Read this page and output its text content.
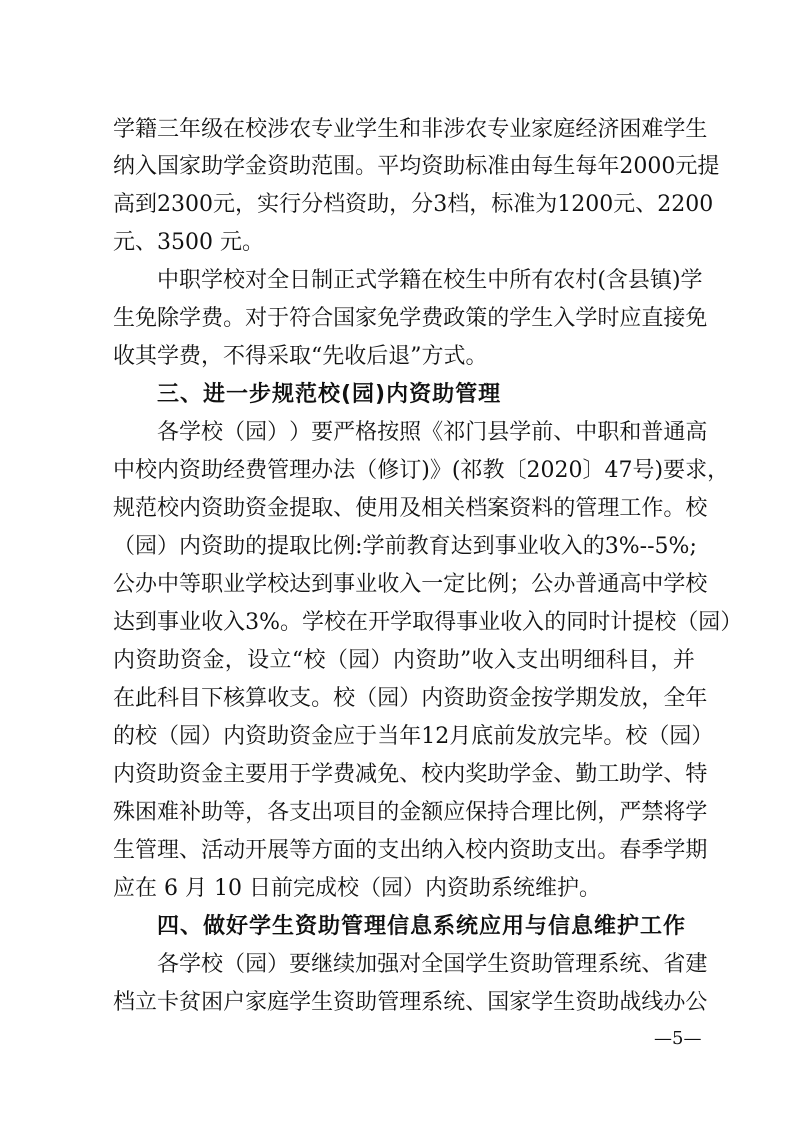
学 籍 三 年 级 在 校 涉 农 专 业 学 生 和 非 涉 农 专 业 家 庭 经 济 困 难 学 生
纳 入 国 家 助 学 金 资 助 范 围 。 平 均 资 助 标 准 由 每 生 每 年 2 0 0 0 元 提
高 到 2 3 0 0 元 ， 实 行 分 档 资 助 ， 分 3 档 ， 标 准 为 1 2 0 0 元 、 2 2 0 0
元、3500 元。
中 职 学 校 对 全 日 制 正 式 学 籍 在 校 生 中 所 有 农 村 ( 含 县 镇 ) 学
生 免 除 学 费 。 对 于 符 合 国 家 免 学 费 政 策 的 学 生 入 学 时 应 直 接 免
收其学费，不得采取“先收后退”方式。
三、进一步规范校(园)内资助管理
各 学 校 （ 园 ） ） 要 严 格 按 照 《 祁 门 县 学 前 、 中 职 和 普 通 高
中 校 内 资 助 经 费 管 理 办 法 （ 修 订 ) 》 ( 祁 教 〔 2 0 2 0 〕 4 7 号 ) 要 求 ，
规 范 校 内 资 助 资 金 提 取 、 使 用 及 相 关 档 案 资 料 的 管 理 工 作 。 校
（ 园 ） 内 资 助 的 提 取 比 例 : 学 前 教 育 达 到 事 业 收 入 的 3 % - - 5 % ;
公 办 中 等 职 业 学 校 达 到 事 业 收 入 一 定 比 例 ； 公 办 普 通 高 中 学 校
达 到 事 业 收 入 3 % 。 学 校 在 开 学 取 得 事 业 收 入 的 同 时 计 提 校 （ 园 ）
内 资 助 资 金 ， 设 立 “ 校 （ 园 ） 内 资 助 ” 收 入 支 出 明 细 科 目 ， 并
在 此 科 目 下 核 算 收 支 。 校 （ 园 ） 内 资 助 资 金 按 学 期 发 放 ， 全 年
的 校 （ 园 ） 内 资 助 资 金 应 于 当 年 1 2 月 底 前 发 放 完 毕 。 校 （ 园 ）
内 资 助 资 金 主 要 用 于 学 费 减 免 、 校 内 奖 助 学 金 、 勤 工 助 学 、 特
殊 困 难 补 助 等 ， 各 支 出 项 目 的 金 额 应 保 持 合 理 比 例 ， 严 禁 将 学
生 管 理 、 活 动 开 展 等 方 面 的 支 出 纳 入 校 内 资 助 支 出 。 春 季 学 期
应在 6 月 10 日前完成校（园）内资助系统维护。
四、做好学生资助管理信息系统应用与信息维护工作
各 学 校 （ 园 ） 要 继 续 加 强 对 全 国 学 生 资 助 管 理 系 统 、 省 建
档 立 卡 贫 困 户 家 庭 学 生 资 助 管 理 系 统 、 国 家 学 生 资 助 战 线 办 公
—5—
